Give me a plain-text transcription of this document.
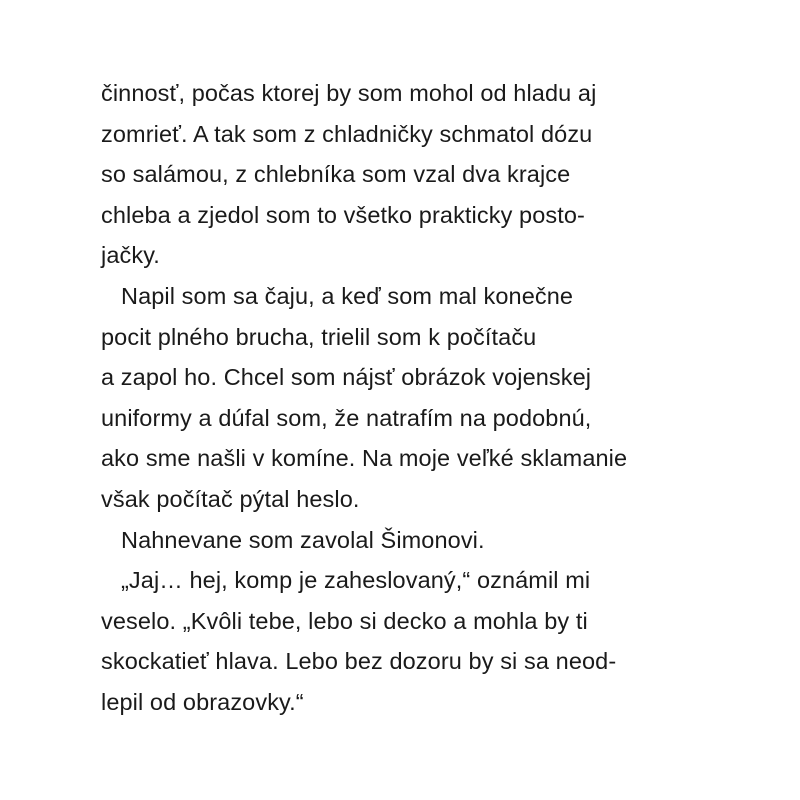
činnosť, počas ktorej by som mohol od hladu aj
zomrieť. A tak som z chladničky schmatol dózu
so salámou, z chlebníka som vzal dva krajce
chleba a zjedol som to všetko prakticky posto-
jačky.
Napil som sa čaju, a keď som mal konečne
pocit plného brucha, trielil som k počítaču
a zapol ho. Chcel som nájsť obrázok vojenskej
uniformy a dúfal som, že natrafím na podobnú,
ako sme našli v komíne. Na moje veľké sklamanie
však počítač pýtal heslo.
Nahnevane som zavolal Šimonovi.
„Jaj… hej, komp je zaheslovaný,“ oznámil mi
veselo. „Kvôli tebe, lebo si decko a mohla by ti
skockatieť hlava. Lebo bez dozoru by si sa neod-
lepil od obrazovky.“
